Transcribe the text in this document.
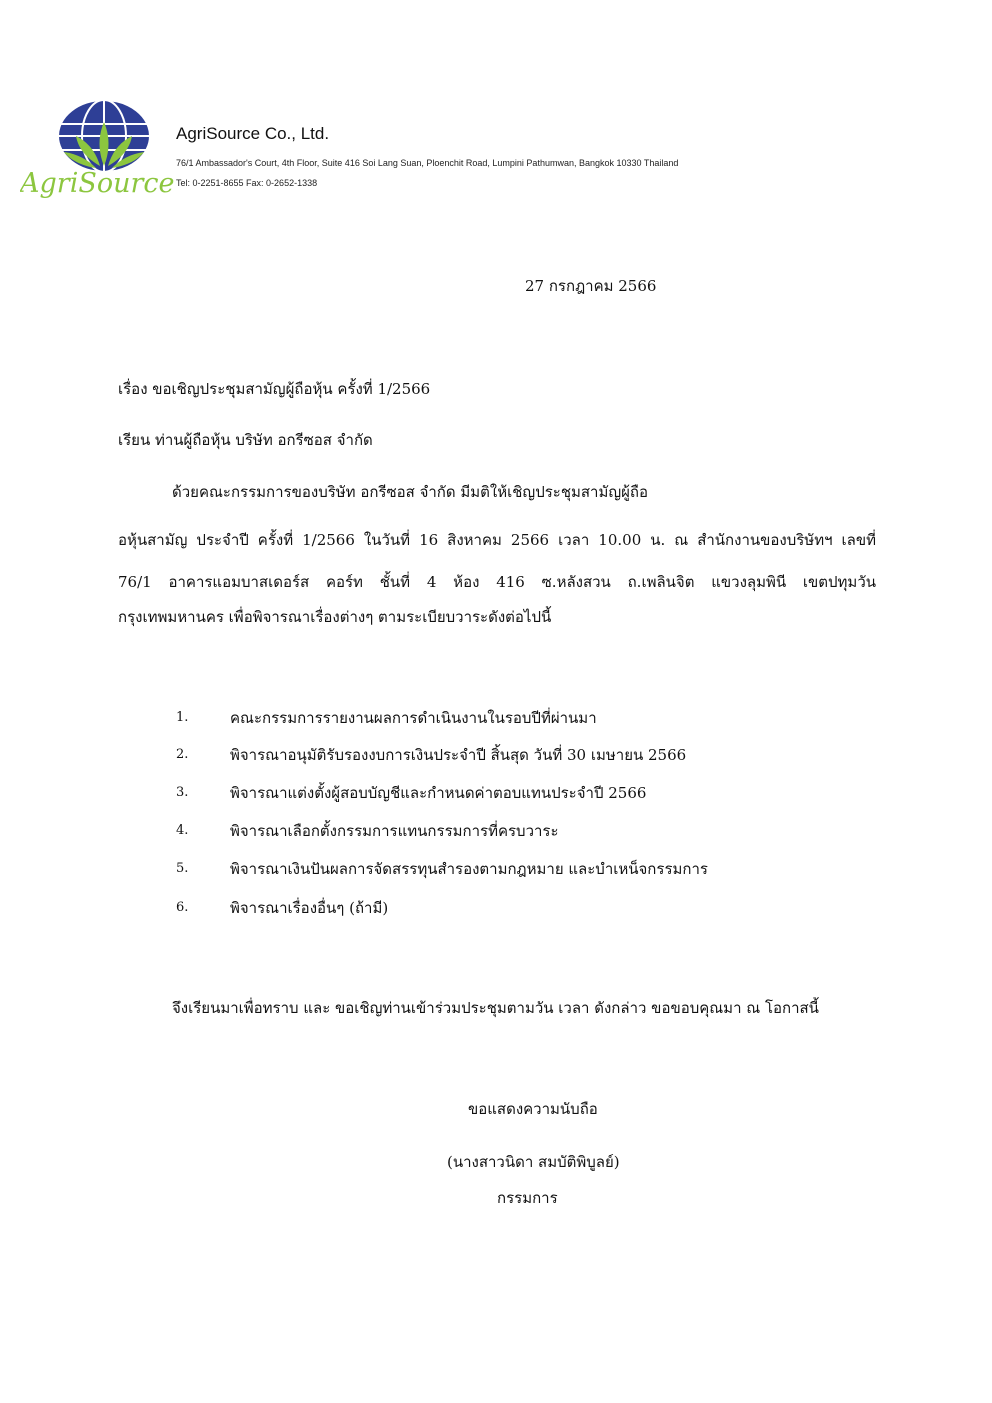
AgriSource
AgriSource Co., Ltd.
76/1 Ambassador's Court, 4th Floor, Suite 416 Soi Lang Suan, Ploenchit Road, Lumpini Pathumwan, Bangkok 10330 Thailand
Tel: 0-2251-8655 Fax: 0-2652-1338
27 กรกฎาคม 2566
เรื่อง ขอเชิญประชุมสามัญผู้ถือหุ้น ครั้งที่ 1/2566
เรียน ท่านผู้ถือหุ้น บริษัท อกรีซอส จำกัด
ด้วยคณะกรรมการของบริษัท อกรีซอส จำกัด มีมติให้เชิญประชุมสามัญผู้ถือ
อหุ้นสามัญ ประจำปี ครั้งที่ 1/2566 ในวันที่ 16 สิงหาคม 2566 เวลา 10.00 น. ณ สำนักงานของบริษัทฯ เลขที่
76/1 อาคารแอมบาสเดอร์ส คอร์ท ชั้นที่ 4 ห้อง 416 ซ.หลังสวน ถ.เพลินจิต แขวงลุมพินี เขตปทุมวัน
กรุงเทพมหานคร เพื่อพิจารณาเรื่องต่างๆ ตามระเบียบวาระดังต่อไปนี้
1.	คณะกรรมการรายงานผลการดำเนินงานในรอบปีที่ผ่านมา
2.	พิจารณาอนุมัติรับรองงบการเงินประจำปี สิ้นสุด วันที่ 30 เมษายน 2566
3.	พิจารณาแต่งตั้งผู้สอบบัญชีและกำหนดค่าตอบแทนประจำปี 2566
4.	พิจารณาเลือกตั้งกรรมการแทนกรรมการที่ครบวาระ
5.	พิจารณาเงินปันผลการจัดสรรทุนสำรองตามกฎหมาย และบำเหน็จกรรมการ
6.	พิจารณาเรื่องอื่นๆ (ถ้ามี)
จึงเรียนมาเพื่อทราบ และ ขอเชิญท่านเข้าร่วมประชุมตามวัน เวลา ดังกล่าว ขอขอบคุณมา ณ โอกาสนี้
ขอแสดงความนับถือ
(นางสาวนิดา สมบัติพิบูลย์)
กรรมการ
